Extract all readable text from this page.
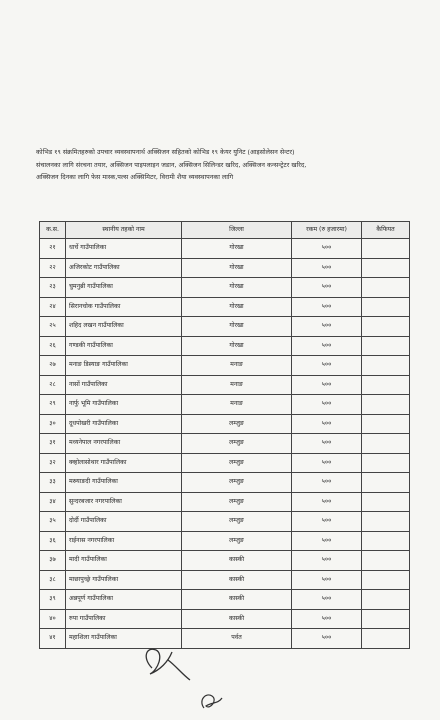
कोभिड १९ संक्रमितहरुको उपचार व्यवस्थापनार्थ अक्सिजन सहितको कोभिड १९ केयर युनिट (आइसोलेसन सेन्टर)
संचालनका लागि संरचना तयार, अक्सिजन पाइपलाइन जडान, अक्सिजन सिलिन्डर खरिद, अक्सिजन कन्सन्ट्रेटर खरिद,
अक्सिजन दिनका लागि फेस मास्क,पल्स अक्सिमिटर, विरामी शैया व्यवस्थापनका लागि
क.स.	स्थानीय तहको नाम	जिल्ला	रकम (रु हजारमा)	कैफियत
२१	धार्चे गाउँपालिका	गोरखा	५००	
२२	अजिरकोट गाउँपालिका	गोरखा	५००	
२३	चुमनुब्री गाउँपालिका	गोरखा	५००	
२४	सिरानचोक गाउँपालिका	गोरखा	५००	
२५	शहिद लखन गाउँपालिका	गोरखा	५००	
२६	गण्डकी गाउँपालिका	गोरखा	५००	
२७	मनाङ डिस्याङ गाउँपालिका	मनाङ	५००	
२८	नासों गाउँपालिका	मनाङ	५००	
२९	नार्फु भूमि गाउँपालिका	मनाङ	५००	
३०	दूधपोखरी गाउँपालिका	लम्जुङ	५००	
३१	मध्यनेपाल नगरपालिका	लम्जुङ	५००	
३२	क्व्होलासोथार गाउँपालिका	लम्जुङ	५००	
३३	मस्र्याङदी गाउँपालिका	लम्जुङ	५००	
३४	सुन्दरबजार नगरपालिका	लम्जुङ	५००	
३५	दोर्दी गाउँपालिका	लम्जुङ	५००	
३६	राईनास नगरपालिका	लम्जुङ	५००	
३७	मादी गाउँपालिका	कास्की	५००	
३८	माछापुच्छ्रे गाउँपालिका	कास्की	५००	
३९	अन्नपूर्ण गाउँपालिका	कास्की	५००	
४०	रुपा गाउँपालिका	कास्की	५००	
४१	महाशिला गाउँपालिका	पर्वत	५००	
